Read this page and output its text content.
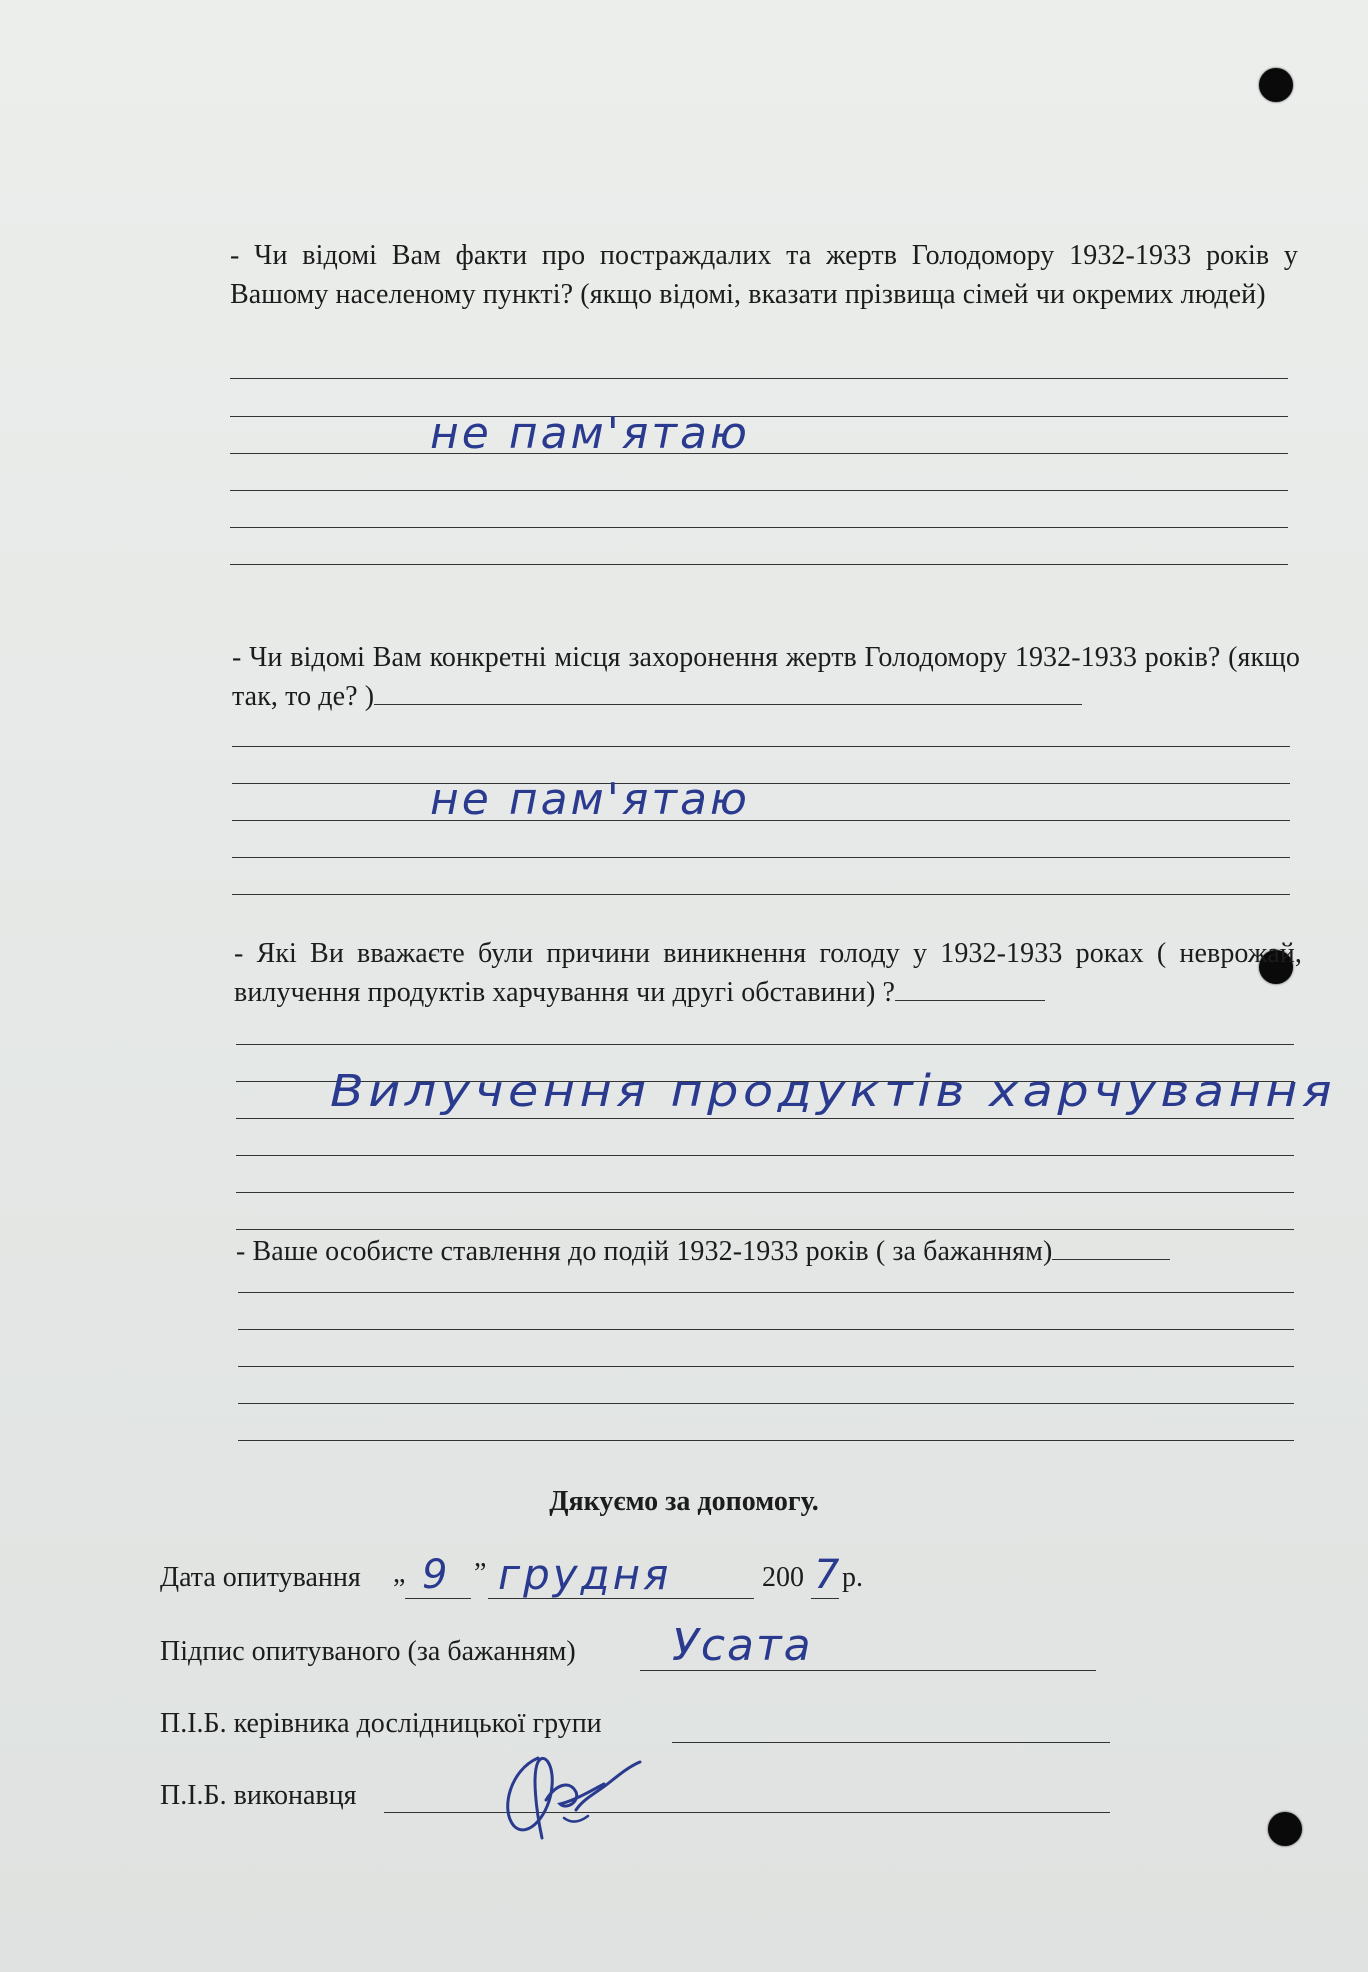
- Чи відомі Вам факти про постраждалих та жертв Голодомору 1932-1933 років у Вашому населеному пункті? (якщо відомі, вказати прізвища сімей чи окремих людей)
не пам'ятаю
- Чи відомі Вам конкретні місця захоронення жертв Голодомору 1932-1933 років? (якщо так, то де? )
не пам'ятаю
- Які Ви вважаєте були причини виникнення голоду у 1932-1933 роках ( неврожай, вилучення продуктів харчування чи другі обставини) ?
Вилучення продуктів харчування
- Ваше особисте ставлення до подій 1932-1933 років ( за бажанням)
Дякуємо за допомогу.
Дата опитування „ 9 ” грудня	200 7 р.
Підпис опитуваного (за бажанням) Усата
П.І.Б. керівника дослідницької групи
П.І.Б. виконавця
